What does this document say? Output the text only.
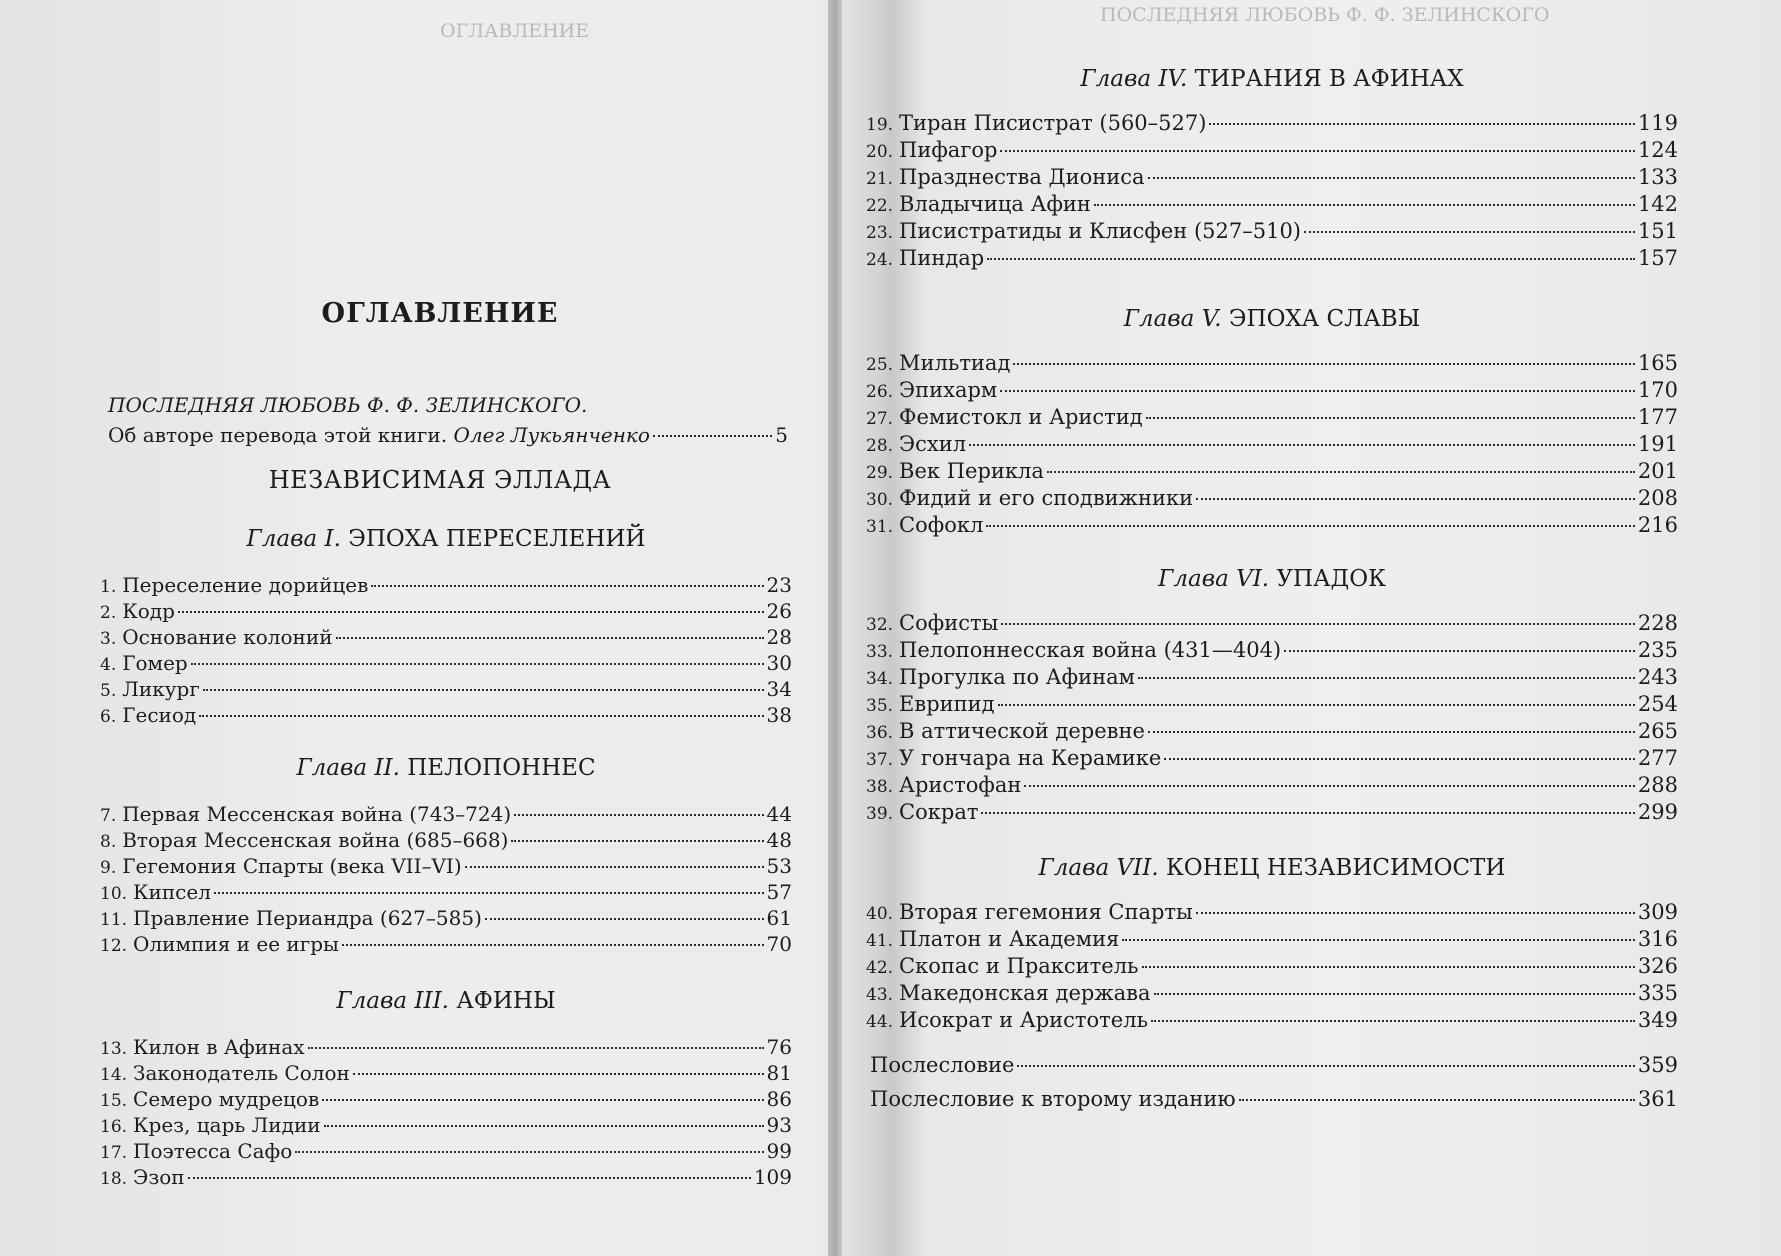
ОГЛАВЛЕНИЕ
ОГЛАВЛЕНИЕ
ПОСЛЕДНЯЯ ЛЮБОВЬ Ф. Ф. ЗЕЛИНСКОГО.
Об авторе перевода этой книги. Олег Лукьянченко	5
НЕЗАВИСИМАЯ ЭЛЛАДА
Глава I. ЭПОХА ПЕРЕСЕЛЕНИЙ
1. Переселение дорийцев	23
2. Кодр	26
3. Основание колоний	28
4. Гомер	30
5. Ликург	34
6. Гесиод	38
Глава II. ПЕЛОПОННЕС
7. Первая Мессенская война (743–724)	44
8. Вторая Мессенская война (685–668)	48
9. Гегемония Спарты (века VII–VI)	53
10. Кипсел	57
11. Правление Периандра (627–585)	61
12. Олимпия и ее игры	70
Глава III. АФИНЫ
13. Килон в Афинах	76
14. Законодатель Солон	81
15. Семеро мудрецов	86
16. Крез, царь Лидии	93
17. Поэтесса Сафо	99
18. Эзоп	109
ПОСЛЕДНЯЯ ЛЮБОВЬ Ф. Ф. ЗЕЛИНСКОГО
Глава IV. ТИРАНИЯ В АФИНАХ
19. Тиран Писистрат (560–527)	119
20. Пифагор	124
21. Празднества Диониса	133
22. Владычица Афин	142
23. Писистратиды и Клисфен (527–510)	151
24. Пиндар	157
Глава V. ЭПОХА СЛАВЫ
25. Мильтиад	165
26. Эпихарм	170
27. Фемистокл и Аристид	177
28. Эсхил	191
29. Век Перикла	201
30. Фидий и его сподвижники	208
31. Софокл	216
Глава VI. УПАДОК
32. Софисты	228
33. Пелопоннесская война (431—404)	235
34. Прогулка по Афинам	243
35. Еврипид	254
36. В аттической деревне	265
37. У гончара на Керамике	277
38. Аристофан	288
39. Сократ	299
Глава VII. КОНЕЦ НЕЗАВИСИМОСТИ
40. Вторая гегемония Спарты	309
41. Платон и Академия	316
42. Скопас и Пракситель	326
43. Македонская держава	335
44. Исократ и Аристотель	349
Послесловие	359
Послесловие к второму изданию	361
